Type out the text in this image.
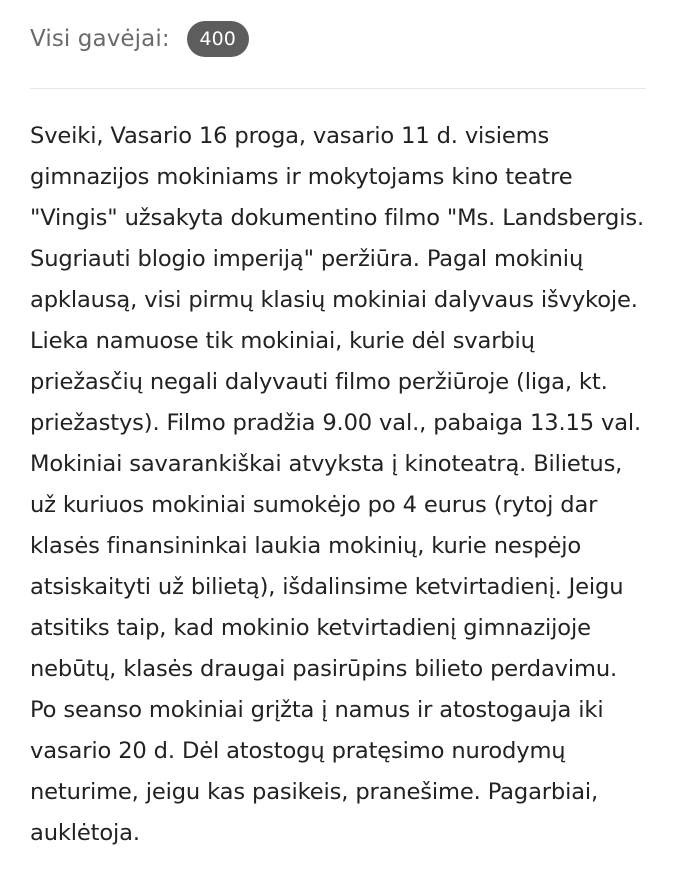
Visi gavėjai:	400
Sveiki, Vasario 16 proga, vasario 11 d. visiems gimnazijos mokiniams ir mokytojams kino teatre "Vingis" užsakyta dokumentino filmo "Ms. Landsbergis. Sugriauti blogio imperiją" peržiūra. Pagal mokinių apklausą, visi pirmų klasių mokiniai dalyvaus išvykoje. Lieka namuose tik mokiniai, kurie dėl svarbių priežasčių negali dalyvauti filmo peržiūroje (liga, kt. priežastys). Filmo pradžia 9.00 val., pabaiga 13.15 val. Mokiniai savarankiškai atvyksta į kinoteatrą. Bilietus, už kuriuos mokiniai sumokėjo po 4 eurus (rytoj dar klasės finansininkai laukia mokinių, kurie nespėjo atsiskaityti už bilietą), išdalinsime ketvirtadienį. Jeigu atsitiks taip, kad mokinio ketvirtadienį gimnazijoje nebūtų, klasės draugai pasirūpins bilieto perdavimu. Po seanso mokiniai grįžta į namus ir atostogauja iki vasario 20 d. Dėl atostogų pratęsimo nurodymų neturime, jeigu kas pasikeis, pranešime. Pagarbiai, auklėtoja.
